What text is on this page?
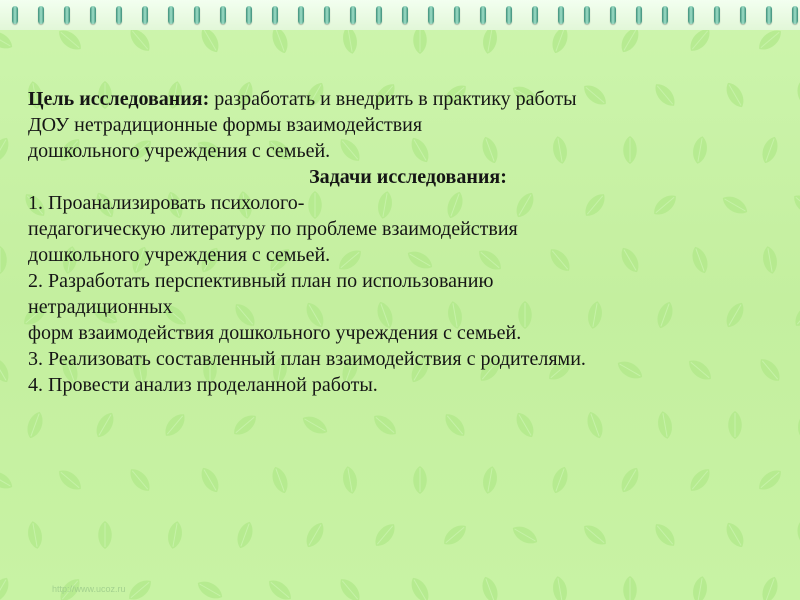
Цель исследования: разработать и внедрить в практику работы
ДОУ нетрадиционные формы взаимодействия
дошкольного учреждения с семьей.
Задачи исследования:
1. Проанализировать психолого-
педагогическую литературу по проблеме взаимодействия
дошкольного учреждения с семьей.
2. Разработать перспективный план по использованию
нетрадиционных
форм взаимодействия дошкольного учреждения с семьей.
3. Реализовать составленный план взаимодействия с родителями.
4. Провести анализ проделанной работы.
http://www.ucoz.ru
